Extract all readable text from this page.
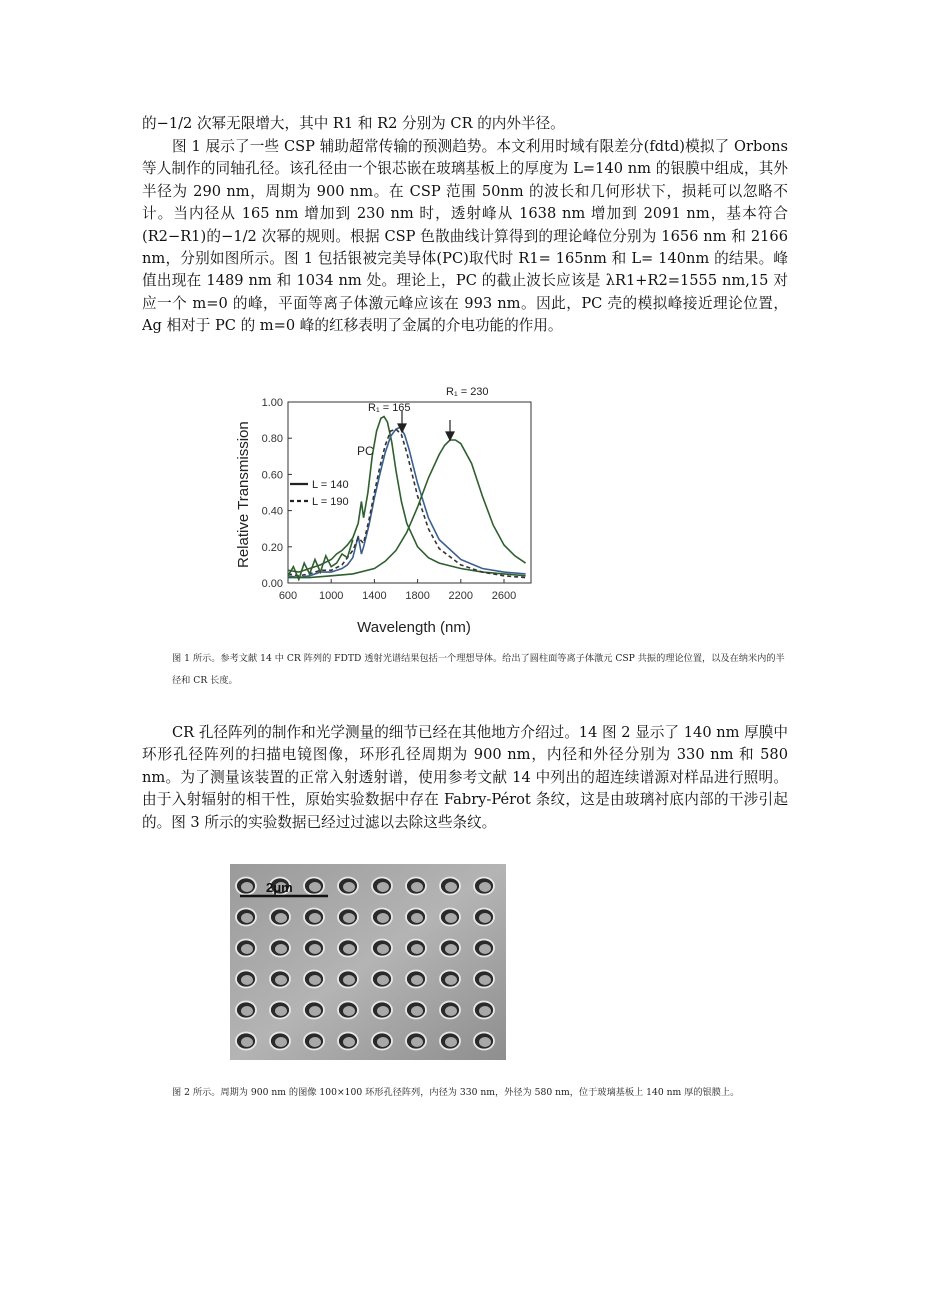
的−1/2 次幂无限增大，其中 R1 和 R2 分别为 CR 的内外半径。

图 1 展示了一些 CSP 辅助超常传输的预测趋势。本文利用时域有限差分(fdtd)模拟了 Orbons 等人制作的同轴孔径。该孔径由一个银芯嵌在玻璃基板上的厚度为 L=140 nm 的银膜中组成，其外半径为 290 nm，周期为 900 nm。在 CSP 范围 50nm 的波长和几何形状下，损耗可以忽略不计。当内径从 165 nm 增加到 230 nm 时，透射峰从 1638 nm 增加到 2091 nm，基本符合(R2−R1)的−1/2 次幂的规则。根据 CSP 色散曲线计算得到的理论峰位分别为 1656 nm 和 2166 nm，分别如图所示。图 1 包括银被完美导体(PC)取代时 R1= 165nm 和 L= 140nm 的结果。峰值出现在 1489 nm 和 1034 nm 处。理论上，PC 的截止波长应该是 λR1+R2=1555 nm,15 对应一个 m=0 的峰，平面等离子体激元峰应该在 993 nm。因此，PC 壳的模拟峰接近理论位置，Ag 相对于 PC 的 m=0 峰的红移表明了金属的介电功能的作用。

0.00
0.20
0.40
0.60
0.80
1.00
600 1000 1400 1800 2200 2600
Relative Transmission
Wavelength (nm)
R₁ = 165
R₁ = 230
PC
L = 140
L = 190

图 1 所示。参考文献 14 中 CR 阵列的 FDTD 透射光谱结果包括一个理想导体。给出了圆柱面等离子体激元 CSP 共振的理论位置，以及在纳米内的半径和 CR 长度。

CR 孔径阵列的制作和光学测量的细节已经在其他地方介绍过。14 图 2 显示了 140 nm 厚膜中环形孔径阵列的扫描电镜图像，环形孔径周期为 900 nm，内径和外径分别为 330 nm 和 580 nm。为了测量该装置的正常入射透射谱，使用参考文献 14 中列出的超连续谱源对样品进行照明。由于入射辐射的相干性，原始实验数据中存在 Fabry-Pérot 条纹，这是由玻璃衬底内部的干涉引起的。图 3 所示的实验数据已经过过滤以去除这些条纹。

2μm

图 2 所示。周期为 900 nm 的图像 100×100 环形孔径阵列，内径为 330 nm，外径为 580 nm，位于玻璃基板上 140 nm 厚的银膜上。
